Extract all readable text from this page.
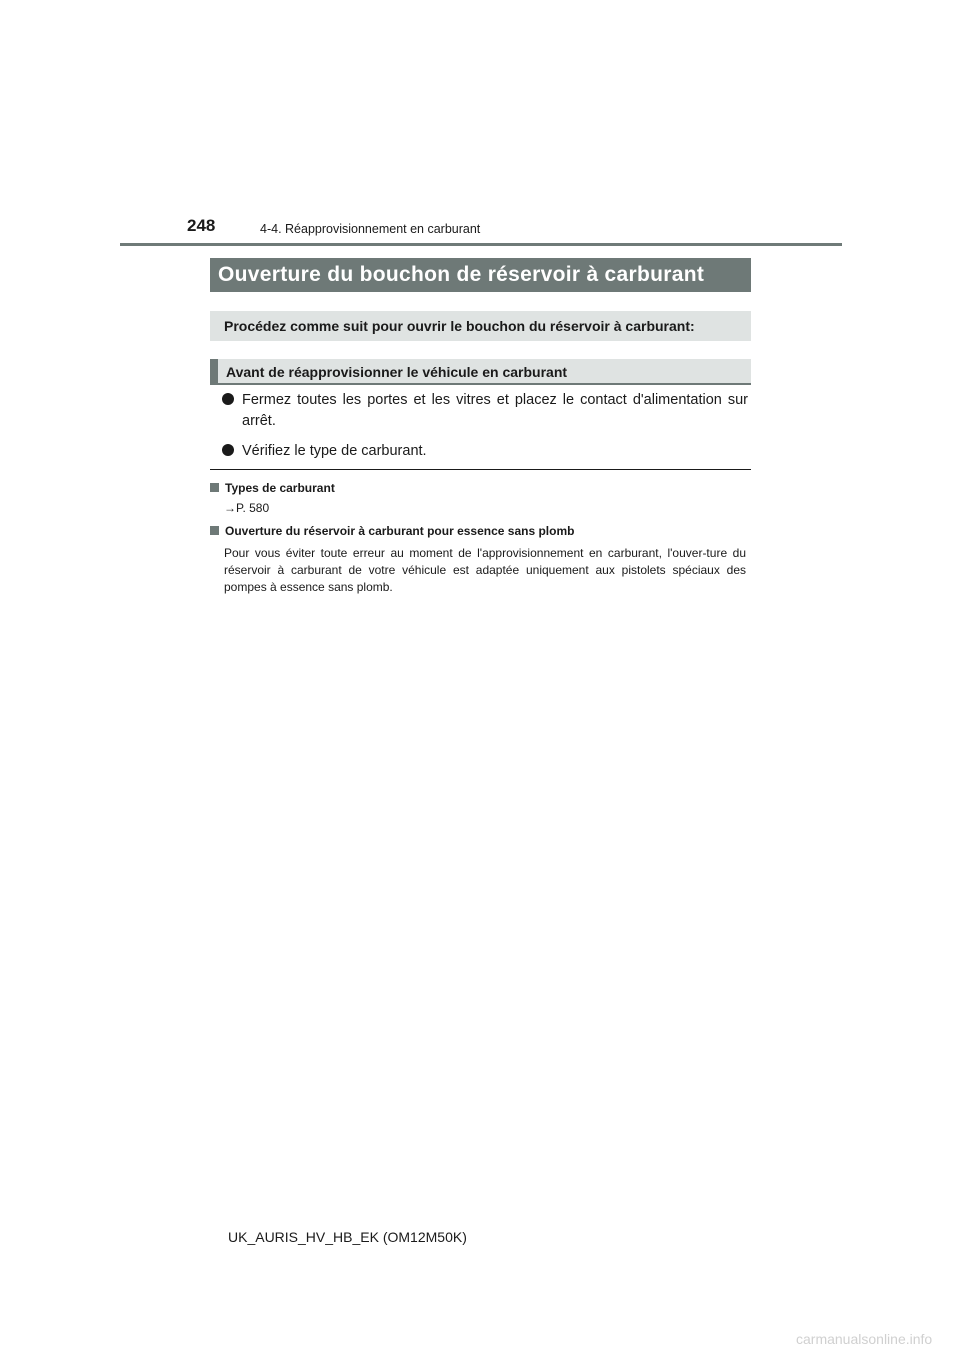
248	4-4. Réapprovisionnement en carburant
Ouverture du bouchon de réservoir à carburant
Procédez comme suit pour ouvrir le bouchon du réservoir à carburant:
Avant de réapprovisionner le véhicule en carburant
Fermez toutes les portes et les vitres et placez le contact d'alimentation sur arrêt.
Vérifiez le type de carburant.
Types de carburant
→P. 580
Ouverture du réservoir à carburant pour essence sans plomb

Pour vous éviter toute erreur au moment de l'approvisionnement en carburant, l'ouver-ture du réservoir à carburant de votre véhicule est adaptée uniquement aux pistolets spéciaux des pompes à essence sans plomb.

UK_AURIS_HV_HB_EK (OM12M50K)
carmanualsonline.info
